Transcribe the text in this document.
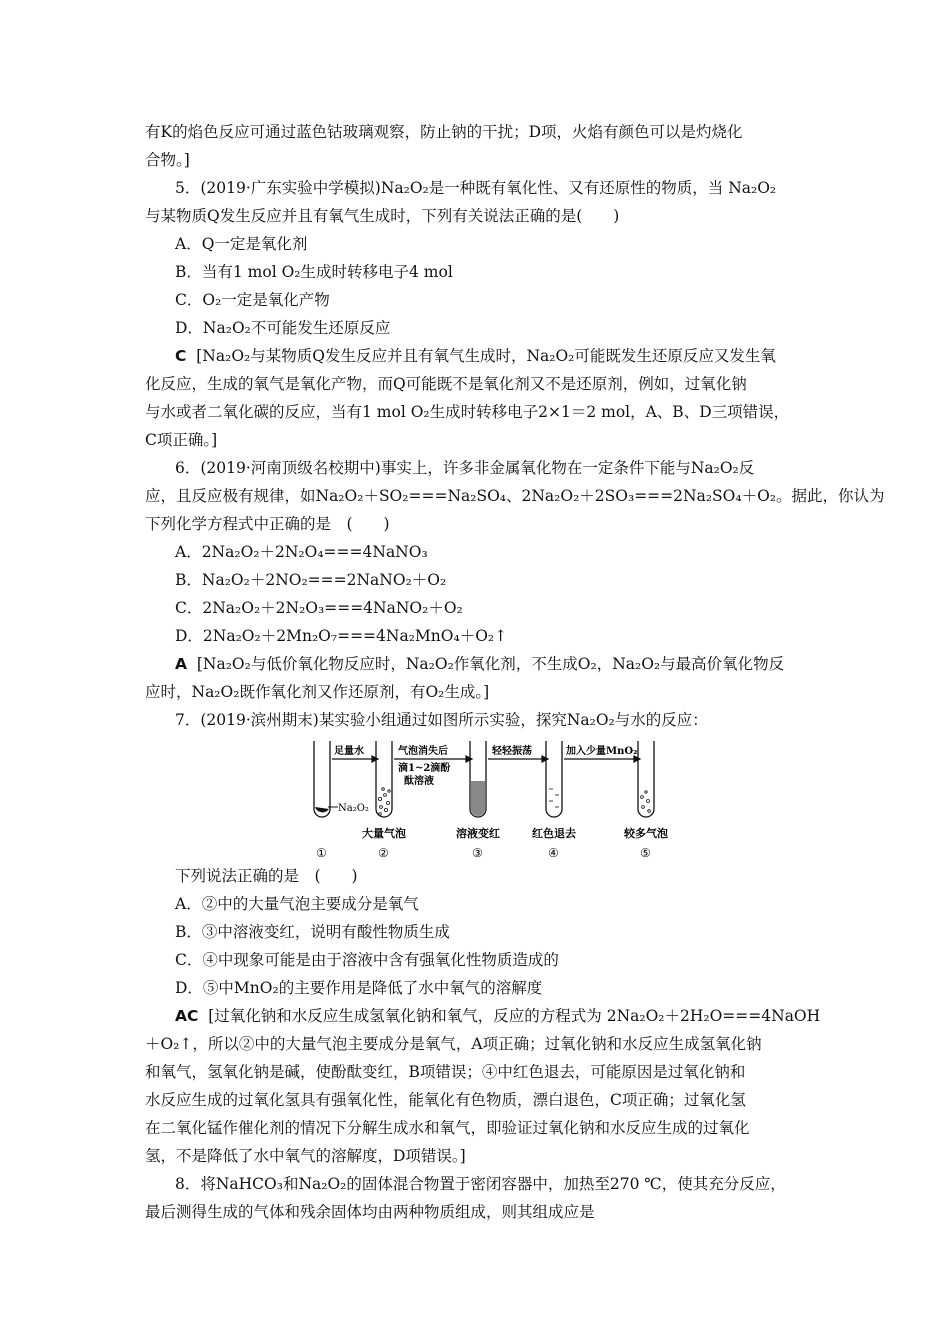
有K的焰色反应可通过蓝色钴玻璃观察，防止钠的干扰；D项，火焰有颜色可以是灼烧化
合物。]
5．(2019·广东实验中学模拟)Na₂O₂是一种既有氧化性、又有还原性的物质，当 Na₂O₂
与某物质Q发生反应并且有氧气生成时，下列有关说法正确的是(　　)
A．Q一定是氧化剂
B．当有1 mol O₂生成时转移电子4 mol
C．O₂一定是氧化产物
D．Na₂O₂不可能发生还原反应
C [Na₂O₂与某物质Q发生反应并且有氧气生成时，Na₂O₂可能既发生还原反应又发生氧
化反应，生成的氧气是氧化产物，而Q可能既不是氧化剂又不是还原剂，例如，过氧化钠
与水或者二氧化碳的反应，当有1 mol O₂生成时转移电子2×1＝2 mol，A、B、D三项错误，
C项正确。]
6．(2019·河南顶级名校期中)事实上，许多非金属氧化物在一定条件下能与Na₂O₂反
应，且反应极有规律，如Na₂O₂＋SO₂===Na₂SO₄、2Na₂O₂＋2SO₃===2Na₂SO₄＋O₂。据此，你认为
下列化学方程式中正确的是　(　　)
A．2Na₂O₂＋2N₂O₄===4NaNO₃
B．Na₂O₂＋2NO₂===2NaNO₂＋O₂
C．2Na₂O₂＋2N₂O₃===4NaNO₂＋O₂
D．2Na₂O₂＋2Mn₂O₇===4Na₂MnO₄＋O₂↑
A [Na₂O₂与低价氧化物反应时，Na₂O₂作氧化剂，不生成O₂，Na₂O₂与最高价氧化物反
应时，Na₂O₂既作氧化剂又作还原剂，有O₂生成。]
7．(2019·滨州期末)某实验小组通过如图所示实验，探究Na₂O₂与水的反应：
Na₂O₂
足量水	气泡消失后
滴1~2滴酚
酞溶液
轻轻振荡	加入少量MnO₂
大量气泡	溶液变红	红色退去	较多气泡
①	②	③	④	⑤
下列说法正确的是　(　　)
A．②中的大量气泡主要成分是氧气
B．③中溶液变红，说明有酸性物质生成
C．④中现象可能是由于溶液中含有强氧化性物质造成的
D．⑤中MnO₂的主要作用是降低了水中氧气的溶解度
AC [过氧化钠和水反应生成氢氧化钠和氧气，反应的方程式为 2Na₂O₂＋2H₂O===4NaOH
＋O₂↑，所以②中的大量气泡主要成分是氧气，A项正确；过氧化钠和水反应生成氢氧化钠
和氧气，氢氧化钠是碱，使酚酞变红，B项错误；④中红色退去，可能原因是过氧化钠和
水反应生成的过氧化氢具有强氧化性，能氧化有色物质，漂白退色，C项正确；过氧化氢
在二氧化锰作催化剂的情况下分解生成水和氧气，即验证过氧化钠和水反应生成的过氧化
氢，不是降低了水中氧气的溶解度，D项错误。]
8．将NaHCO₃和Na₂O₂的固体混合物置于密闭容器中，加热至270 ℃，使其充分反应，
最后测得生成的气体和残余固体均由两种物质组成，则其组成应是
